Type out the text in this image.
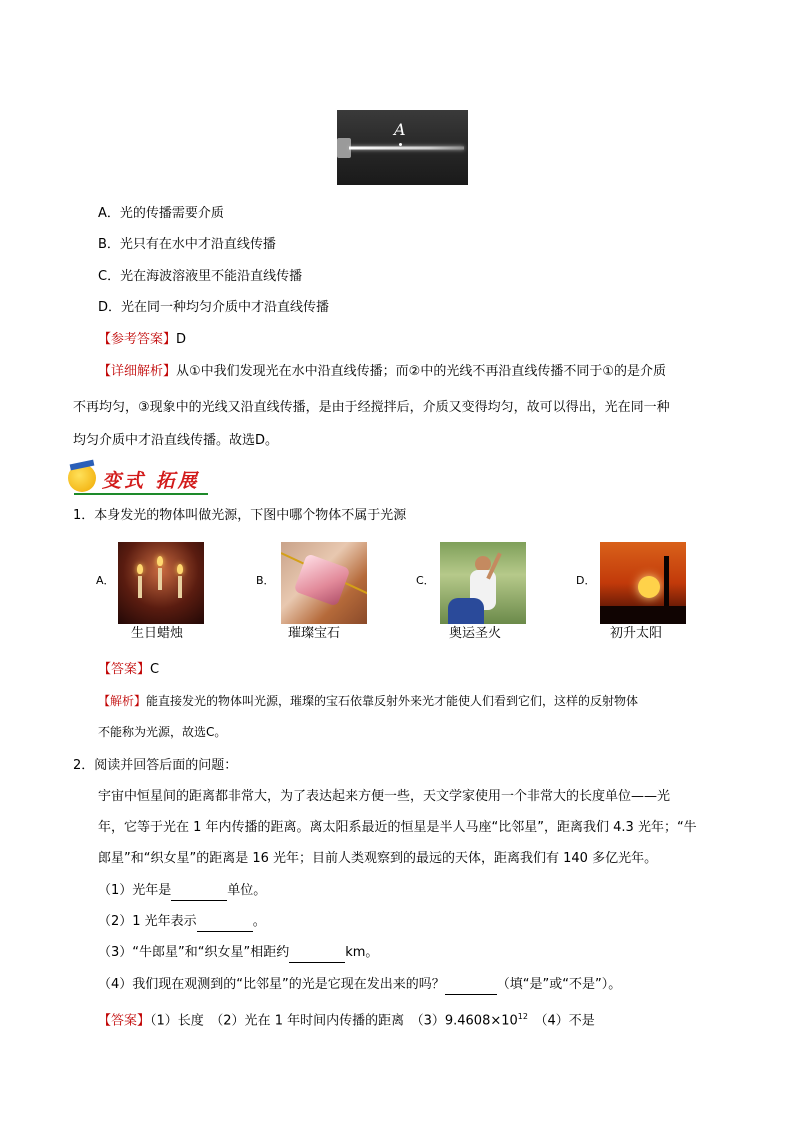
A
A．光的传播需要介质
B．光只有在水中才沿直线传播
C．光在海波溶液里不能沿直线传播
D．光在同一种均匀介质中才沿直线传播
【参考答案】D
【详细解析】从①中我们发现光在水中沿直线传播；而②中的光线不再沿直线传播不同于①的是介质
不再均匀，③现象中的光线又沿直线传播，是由于经搅拌后，介质又变得均匀，故可以得出，光在同一种
均匀介质中才沿直线传播。故选D。
变式 拓展
1．本身发光的物体叫做光源，下图中哪个物体不属于光源
A．
生日蜡烛
B．
璀璨宝石
C．
奥运圣火
D．
初升太阳
【答案】C
【解析】能直接发光的物体叫光源，璀璨的宝石依靠反射外来光才能使人们看到它们，这样的反射物体
不能称为光源，故选C。
2．阅读并回答后面的问题：
宇宙中恒星间的距离都非常大，为了表达起来方便一些，天文学家使用一个非常大的长度单位——光
年，它等于光在 1 年内传播的距离。离太阳系最近的恒星是半人马座“比邻星”，距离我们 4.3 光年；“牛
郎星”和“织女星”的距离是 16 光年；目前人类观察到的最远的天体，距离我们有 140 多亿光年。
（1）光年是	单位。
（2）1 光年表示	。
（3）“牛郎星”和“织女星”相距约	km。
（4）我们现在观测到的“比邻星”的光是它现在发出来的吗？	（填“是”或“不是”）。
【答案】（1）长度　（2）光在 1 年时间内传播的距离　$(3)9.4608\times 10^{12}$　（4）不是
